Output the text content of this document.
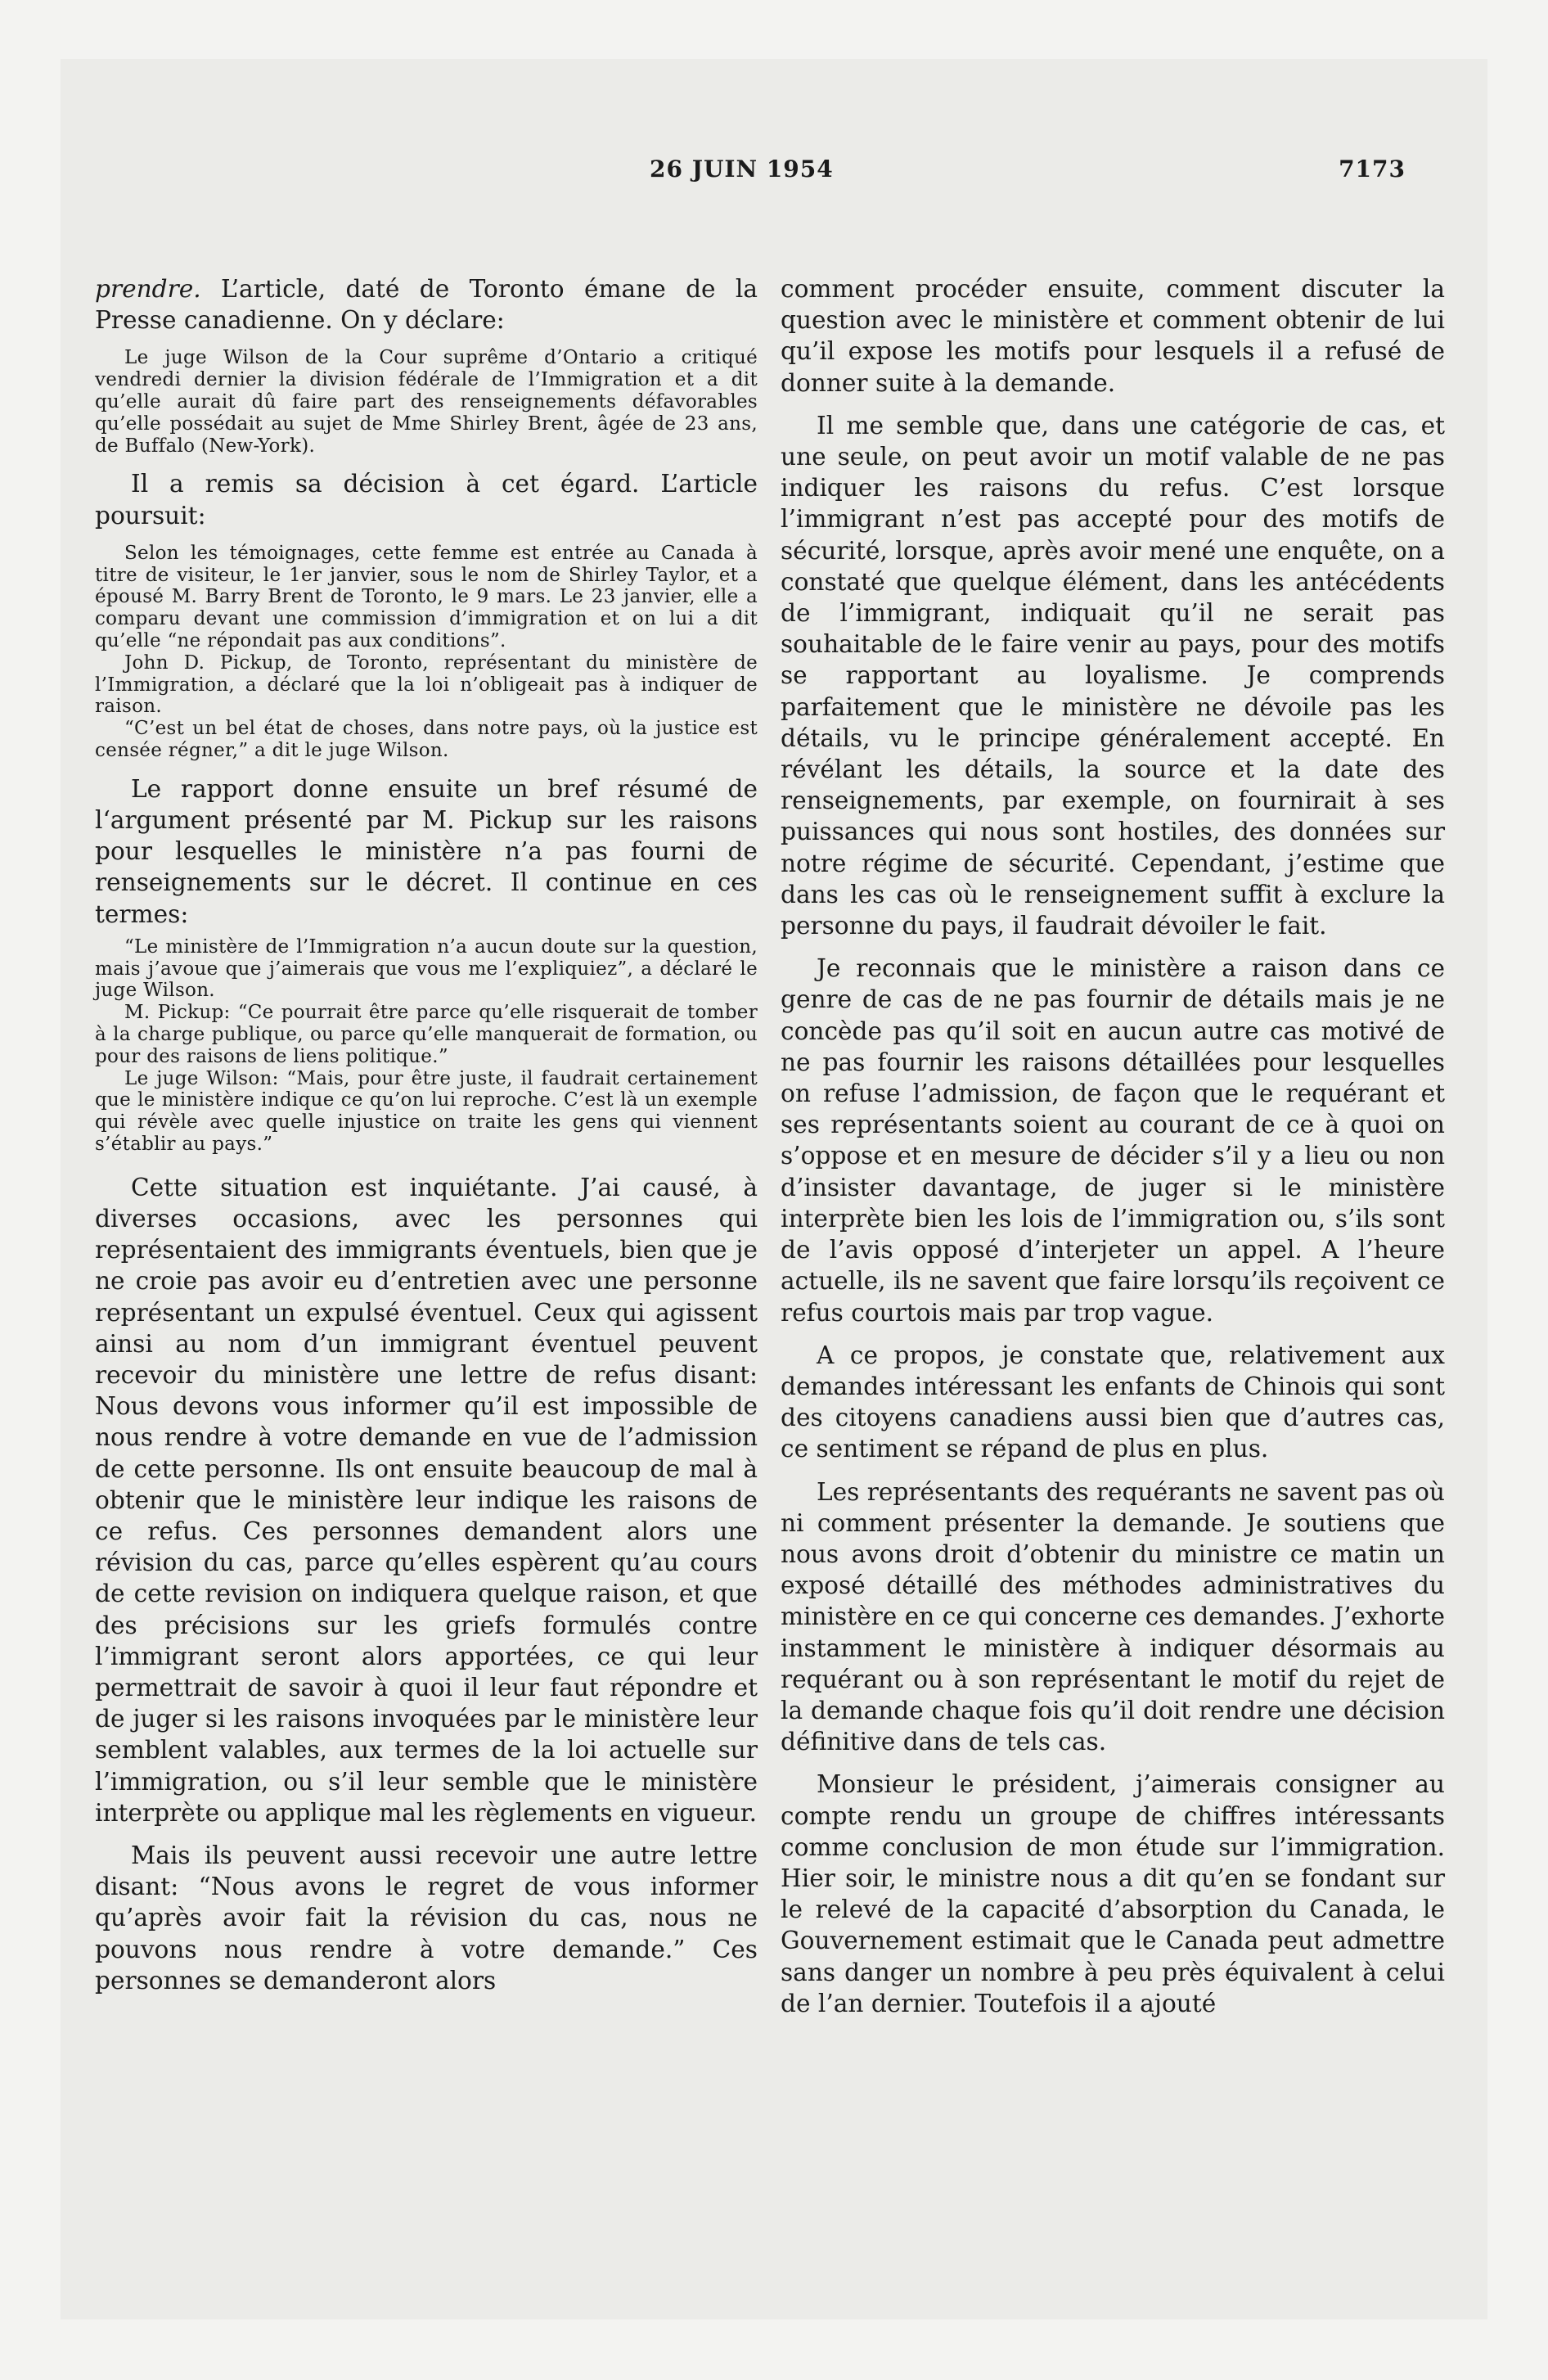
26 JUIN 1954	7173

prendre. L’article, daté de Toronto émane de la Presse canadienne. On y déclare:

Le juge Wilson de la Cour suprême d’Ontario a critiqué vendredi dernier la division fédérale de l’Immigration et a dit qu’elle aurait dû faire part des renseignements défavorables qu’elle possédait au sujet de Mme Shirley Brent, âgée de 23 ans, de Buffalo (New-York).

Il a remis sa décision à cet égard. L’article poursuit:

Selon les témoignages, cette femme est entrée au Canada à titre de visiteur, le 1er janvier, sous le nom de Shirley Taylor, et a épousé M. Barry Brent de Toronto, le 9 mars. Le 23 janvier, elle a comparu devant une commission d’immigration et on lui a dit qu’elle “ne répondait pas aux conditions”.

John D. Pickup, de Toronto, représentant du ministère de l’Immigration, a déclaré que la loi n’obligeait pas à indiquer de raison.

“C’est un bel état de choses, dans notre pays, où la justice est censée régner,” a dit le juge Wilson.

Le rapport donne ensuite un bref résumé de l‘argument présenté par M. Pickup sur les raisons pour lesquelles le ministère n’a pas fourni de renseignements sur le décret. Il continue en ces termes:

“Le ministère de l’Immigration n’a aucun doute sur la question, mais j’avoue que j’aimerais que vous me l’expliquiez”, a déclaré le juge Wilson.

M. Pickup: “Ce pourrait être parce qu’elle risquerait de tomber à la charge publique, ou parce qu’elle manquerait de formation, ou pour des raisons de liens politique.”

Le juge Wilson: “Mais, pour être juste, il faudrait certainement que le ministère indique ce qu’on lui reproche. C’est là un exemple qui révèle avec quelle injustice on traite les gens qui viennent s’établir au pays.”

Cette situation est inquiétante. J’ai causé, à diverses occasions, avec les personnes qui représentaient des immigrants éventuels, bien que je ne croie pas avoir eu d’entretien avec une personne représentant un expulsé éventuel. Ceux qui agissent ainsi au nom d’un immigrant éventuel peuvent recevoir du ministère une lettre de refus disant: Nous devons vous informer qu’il est impossible de nous rendre à votre demande en vue de l’admission de cette personne. Ils ont ensuite beaucoup de mal à obtenir que le ministère leur indique les raisons de ce refus. Ces personnes demandent alors une révision du cas, parce qu’elles espèrent qu’au cours de cette revision on indiquera quelque raison, et que des précisions sur les griefs formulés contre l’immigrant seront alors apportées, ce qui leur permettrait de savoir à quoi il leur faut répondre et de juger si les raisons invoquées par le ministère leur semblent valables, aux termes de la loi actuelle sur l’immigration, ou s’il leur semble que le ministère interprète ou applique mal les règlements en vigueur.

Mais ils peuvent aussi recevoir une autre lettre disant: “Nous avons le regret de vous informer qu’après avoir fait la révision du cas, nous ne pouvons nous rendre à votre demande.” Ces personnes se demanderont alors

comment procéder ensuite, comment discuter la question avec le ministère et comment obtenir de lui qu’il expose les motifs pour lesquels il a refusé de donner suite à la demande.

Il me semble que, dans une catégorie de cas, et une seule, on peut avoir un motif valable de ne pas indiquer les raisons du refus. C’est lorsque l’immigrant n’est pas accepté pour des motifs de sécurité, lorsque, après avoir mené une enquête, on a constaté que quelque élément, dans les antécédents de l’immigrant, indiquait qu’il ne serait pas souhaitable de le faire venir au pays, pour des motifs se rapportant au loyalisme. Je comprends parfaitement que le ministère ne dévoile pas les détails, vu le principe généralement accepté. En révélant les détails, la source et la date des renseignements, par exemple, on fournirait à ses puissances qui nous sont hostiles, des données sur notre régime de sécurité. Cependant, j’estime que dans les cas où le renseignement suffit à exclure la personne du pays, il faudrait dévoiler le fait.

Je reconnais que le ministère a raison dans ce genre de cas de ne pas fournir de détails mais je ne concède pas qu’il soit en aucun autre cas motivé de ne pas fournir les raisons détaillées pour lesquelles on refuse l’admission, de façon que le requérant et ses représentants soient au courant de ce à quoi on s’oppose et en mesure de décider s’il y a lieu ou non d’insister davantage, de juger si le ministère interprète bien les lois de l’immigration ou, s’ils sont de l’avis opposé d’interjeter un appel. A l’heure actuelle, ils ne savent que faire lorsqu’ils reçoivent ce refus courtois mais par trop vague.

A ce propos, je constate que, relativement aux demandes intéressant les enfants de Chinois qui sont des citoyens canadiens aussi bien que d’autres cas, ce sentiment se répand de plus en plus.

Les représentants des requérants ne savent pas où ni comment présenter la demande. Je soutiens que nous avons droit d’obtenir du ministre ce matin un exposé détaillé des méthodes administratives du ministère en ce qui concerne ces demandes. J’exhorte instamment le ministère à indiquer désormais au requérant ou à son représentant le motif du rejet de la demande chaque fois qu’il doit rendre une décision définitive dans de tels cas.

Monsieur le président, j’aimerais consigner au compte rendu un groupe de chiffres intéressants comme conclusion de mon étude sur l’immigration. Hier soir, le ministre nous a dit qu’en se fondant sur le relevé de la capacité d’absorption du Canada, le Gouvernement estimait que le Canada peut admettre sans danger un nombre à peu près équivalent à celui de l’an dernier. Toutefois il a ajouté
